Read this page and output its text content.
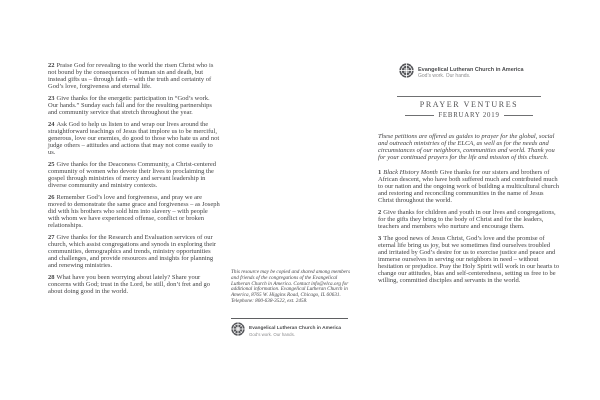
22 Praise God for revealing to the world the risen Christ who is not bound by the consequences of human sin and death, but instead gifts us – through faith – with the truth and certainty of God’s love, forgiveness and eternal life.

23 Give thanks for the energetic participation in “God’s work. Our hands.” Sunday each fall and for the resulting partnerships and community service that stretch throughout the year.

24 Ask God to help us listen to and wrap our lives around the straightforward teachings of Jesus that implore us to be merciful, generous, love our enemies, do good to those who hate us and not judge others – attitudes and actions that may not come easily to us.

25 Give thanks for the Deaconess Community, a Christ-centered community of women who devote their lives to proclaiming the gospel through ministries of mercy and servant leadership in diverse community and ministry contexts.

26 Remember God’s love and forgiveness, and pray we are moved to demonstrate the same grace and forgiveness – as Joseph did with his brothers who sold him into slavery – with people with whom we have experienced offense, conflict or broken relationships.

27 Give thanks for the Research and Evaluation services of our church, which assist congregations and synods in exploring their communities, demographics and trends, ministry opportunities and challenges, and provide resources and insights for planning and renewing ministries.

28 What have you been worrying about lately? Share your concerns with God; trust in the Lord, be still, don’t fret and go about doing good in the world.

This resource may be copied and shared among members and friends of the congregations of the Evangelical Lutheran Church in America. Contact info@elca.org for additional information. Evangelical Lutheran Church in America, 8765 W. Higgins Road, Chicago, IL 60631. Telephone: 800-638-3522, ext. 2458.

Evangelical Lutheran Church in America
God’s work. Our hands.
Evangelical Lutheran Church in America
God’s work. Our hands.
PRAYER VENTURES
FEBRUARY 2019

These petitions are offered as guides to prayer for the global, social and outreach ministries of the ELCA, as well as for the needs and circumstances of our neighbors, communities and world. Thank you for your continued prayers for the life and mission of this church.

1 Black History Month Give thanks for our sisters and brothers of African descent, who have both suffered much and contributed much to our nation and the ongoing work of building a multicultural church and restoring and reconciling communities in the name of Jesus Christ throughout the world.

2 Give thanks for children and youth in our lives and congregations, for the gifts they bring to the body of Christ and for the leaders, teachers and members who nurture and encourage them.

3 The good news of Jesus Christ, God’s love and the promise of eternal life bring us joy, but we sometimes find ourselves troubled and irritated by God’s desire for us to exercise justice and peace and immerse ourselves in serving our neighbors in need – without hesitation or prejudice. Pray the Holy Spirit will work in our hearts to change our attitudes, bias and self-centeredness, setting us free to be willing, committed disciples and servants in the world.
